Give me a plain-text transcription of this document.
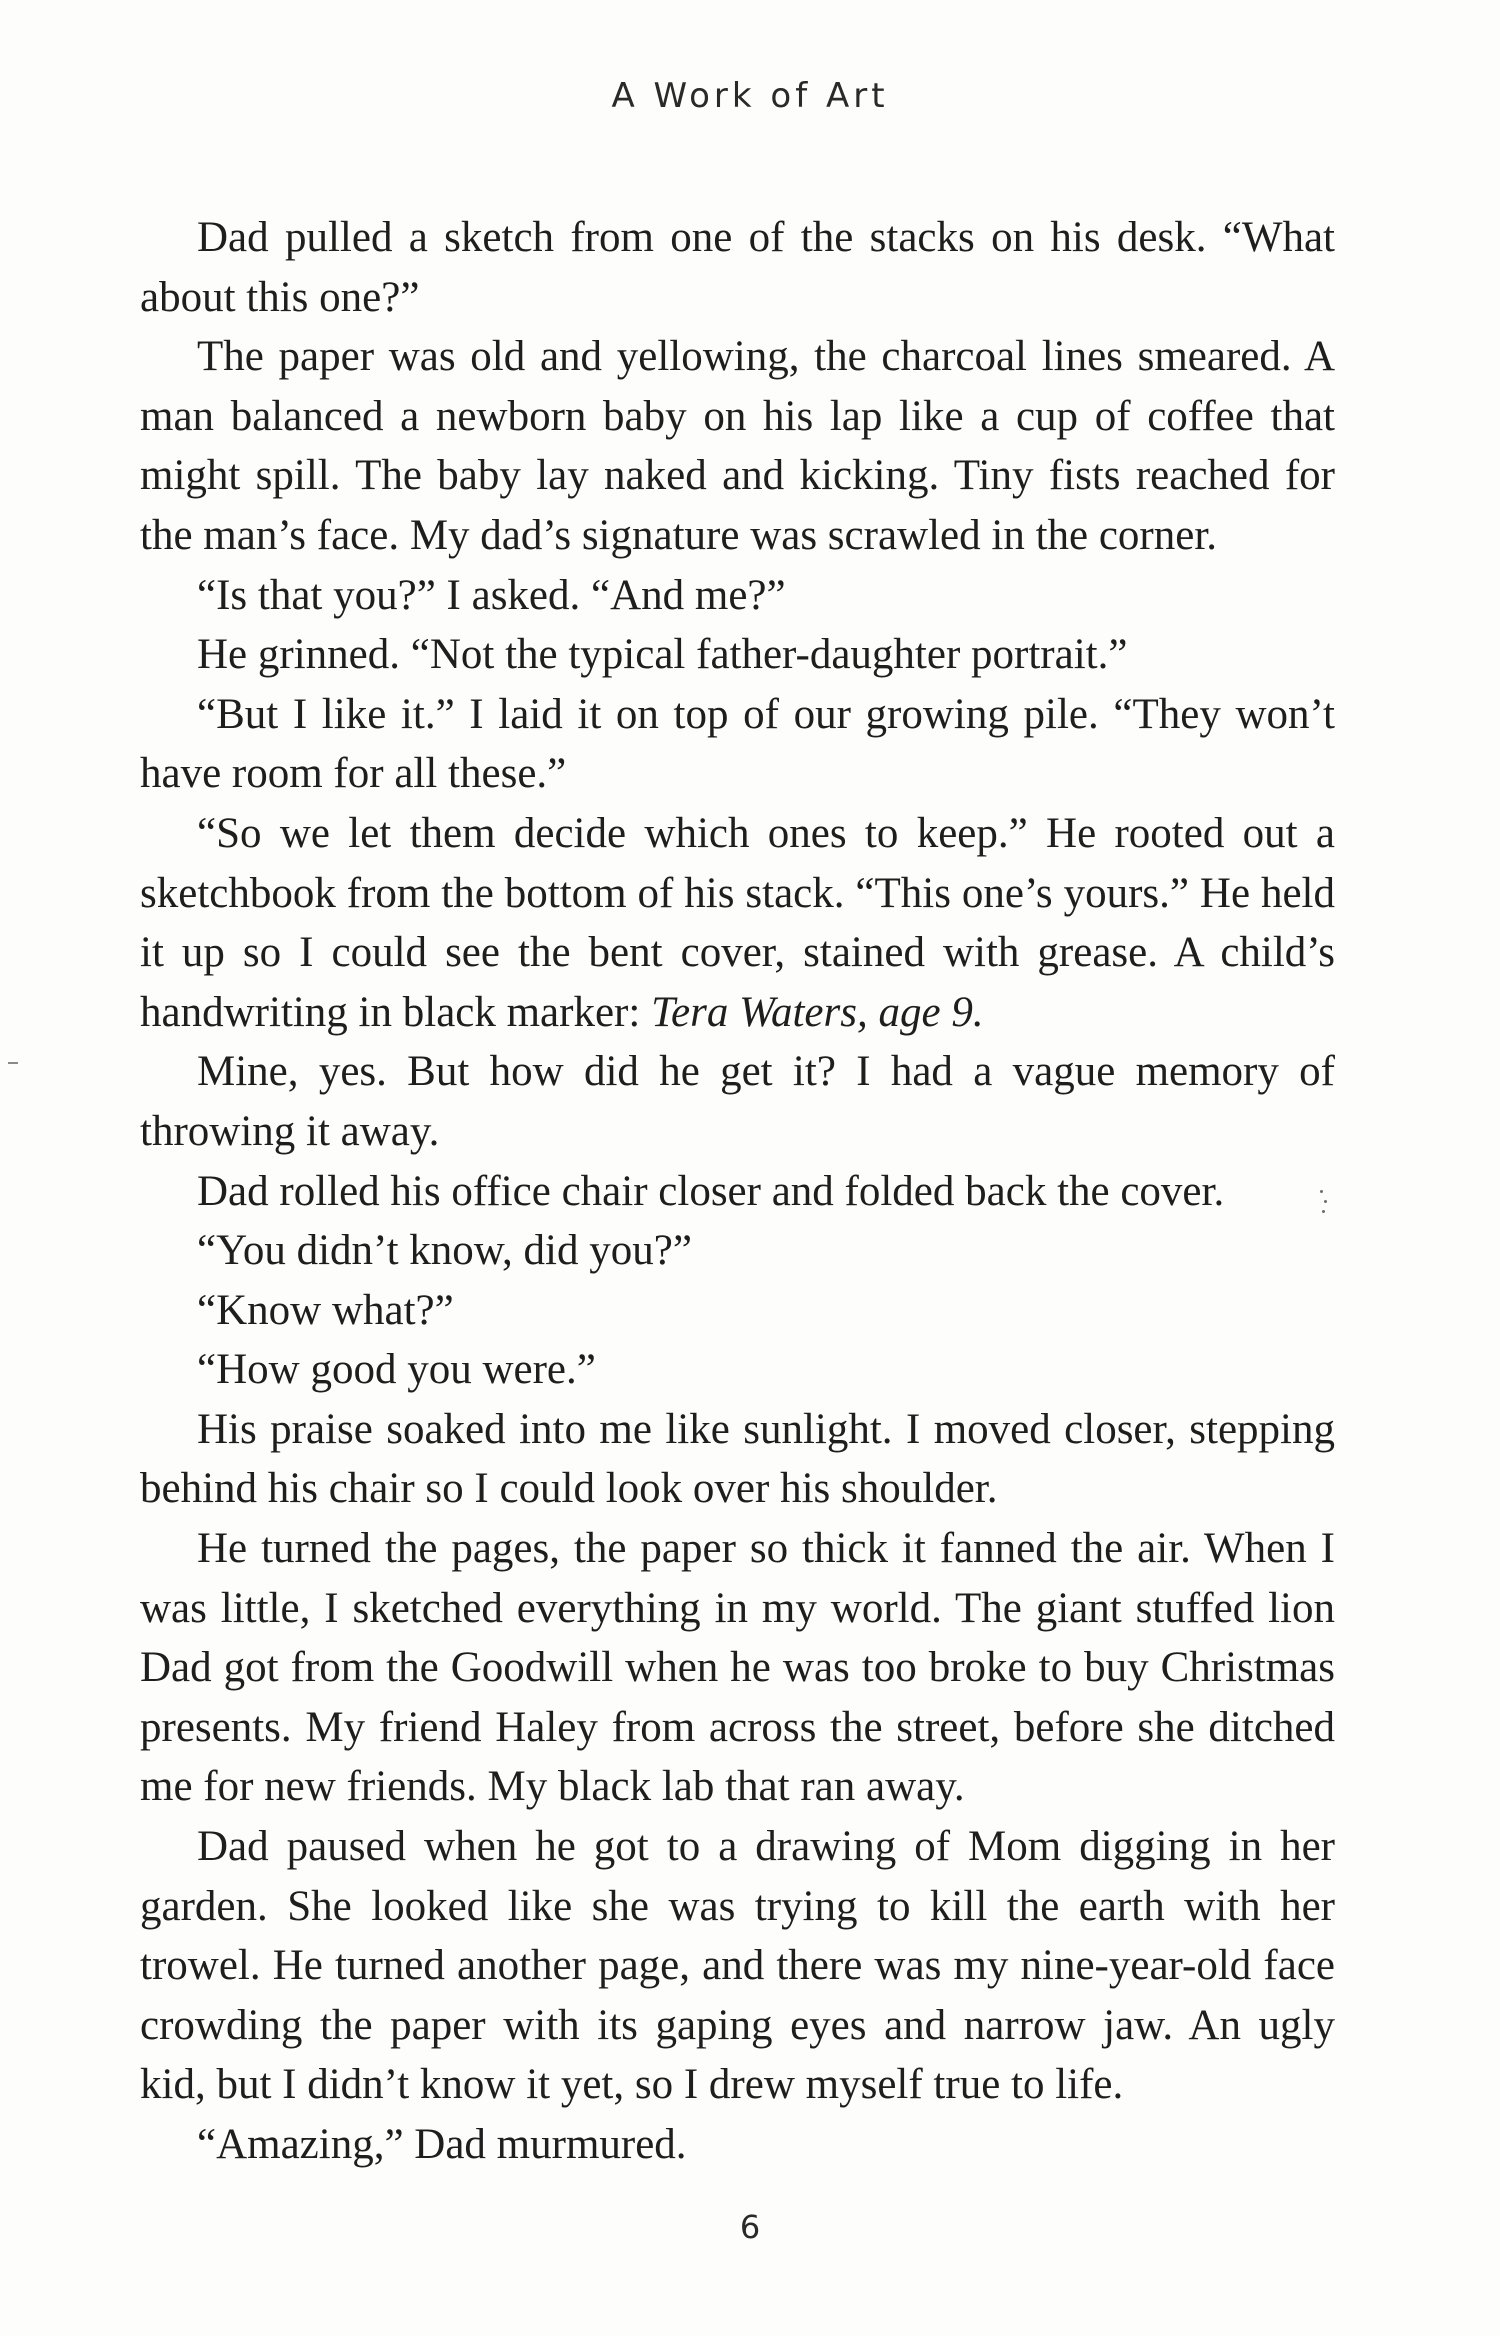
A Work of Art

Dad pulled a sketch from one of the stacks on his desk. “What about this one?”

The paper was old and yellowing, the charcoal lines smeared. A man balanced a newborn baby on his lap like a cup of coffee that might spill. The baby lay naked and kicking. Tiny fists reached for the man’s face. My dad’s signature was scrawled in the corner.

“Is that you?” I asked. “And me?”

He grinned. “Not the typical father-daughter portrait.”

“But I like it.” I laid it on top of our growing pile. “They won’t have room for all these.”

“So we let them decide which ones to keep.” He rooted out a sketchbook from the bottom of his stack. “This one’s yours.” He held it up so I could see the bent cover, stained with grease. A child’s handwriting in black marker: Tera Waters, age 9.

Mine, yes. But how did he get it? I had a vague memory of throwing it away.

Dad rolled his office chair closer and folded back the cover.

“You didn’t know, did you?”

“Know what?”

“How good you were.”

His praise soaked into me like sunlight. I moved closer, stepping behind his chair so I could look over his shoulder.

He turned the pages, the paper so thick it fanned the air. When I was little, I sketched everything in my world. The giant stuffed lion Dad got from the Goodwill when he was too broke to buy Christmas presents. My friend Haley from across the street, before she ditched me for new friends. My black lab that ran away.

Dad paused when he got to a drawing of Mom digging in her garden. She looked like she was trying to kill the earth with her trowel. He turned another page, and there was my nine-year-old face crowding the paper with its gaping eyes and narrow jaw. An ugly kid, but I didn’t know it yet, so I drew myself true to life.

“Amazing,” Dad murmured.

6
